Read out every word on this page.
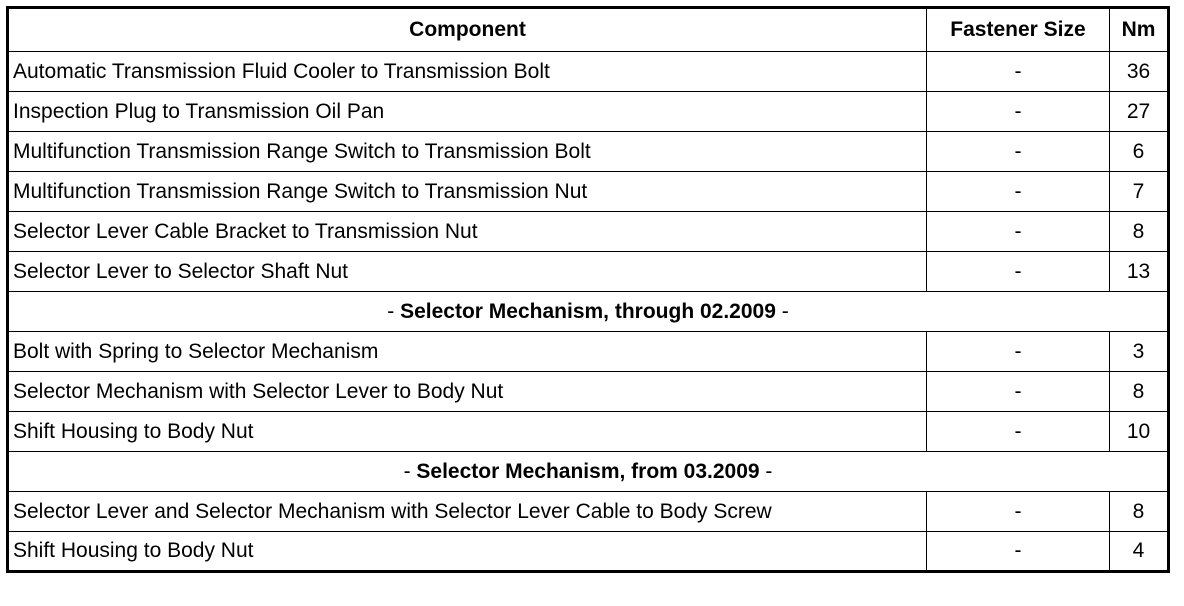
Component	Fastener Size	Nm
Automatic Transmission Fluid Cooler to Transmission Bolt	-	36
Inspection Plug to Transmission Oil Pan	-	27
Multifunction Transmission Range Switch to Transmission Bolt	-	6
Multifunction Transmission Range Switch to Transmission Nut	-	7
Selector Lever Cable Bracket to Transmission Nut	-	8
Selector Lever to Selector Shaft Nut	-	13
- Selector Mechanism, through 02.2009 -		
Bolt with Spring to Selector Mechanism	-	3
Selector Mechanism with Selector Lever to Body Nut	-	8
Shift Housing to Body Nut	-	10
- Selector Mechanism, from 03.2009 -		
Selector Lever and Selector Mechanism with Selector Lever Cable to Body Screw	-	8
Shift Housing to Body Nut	-	4
